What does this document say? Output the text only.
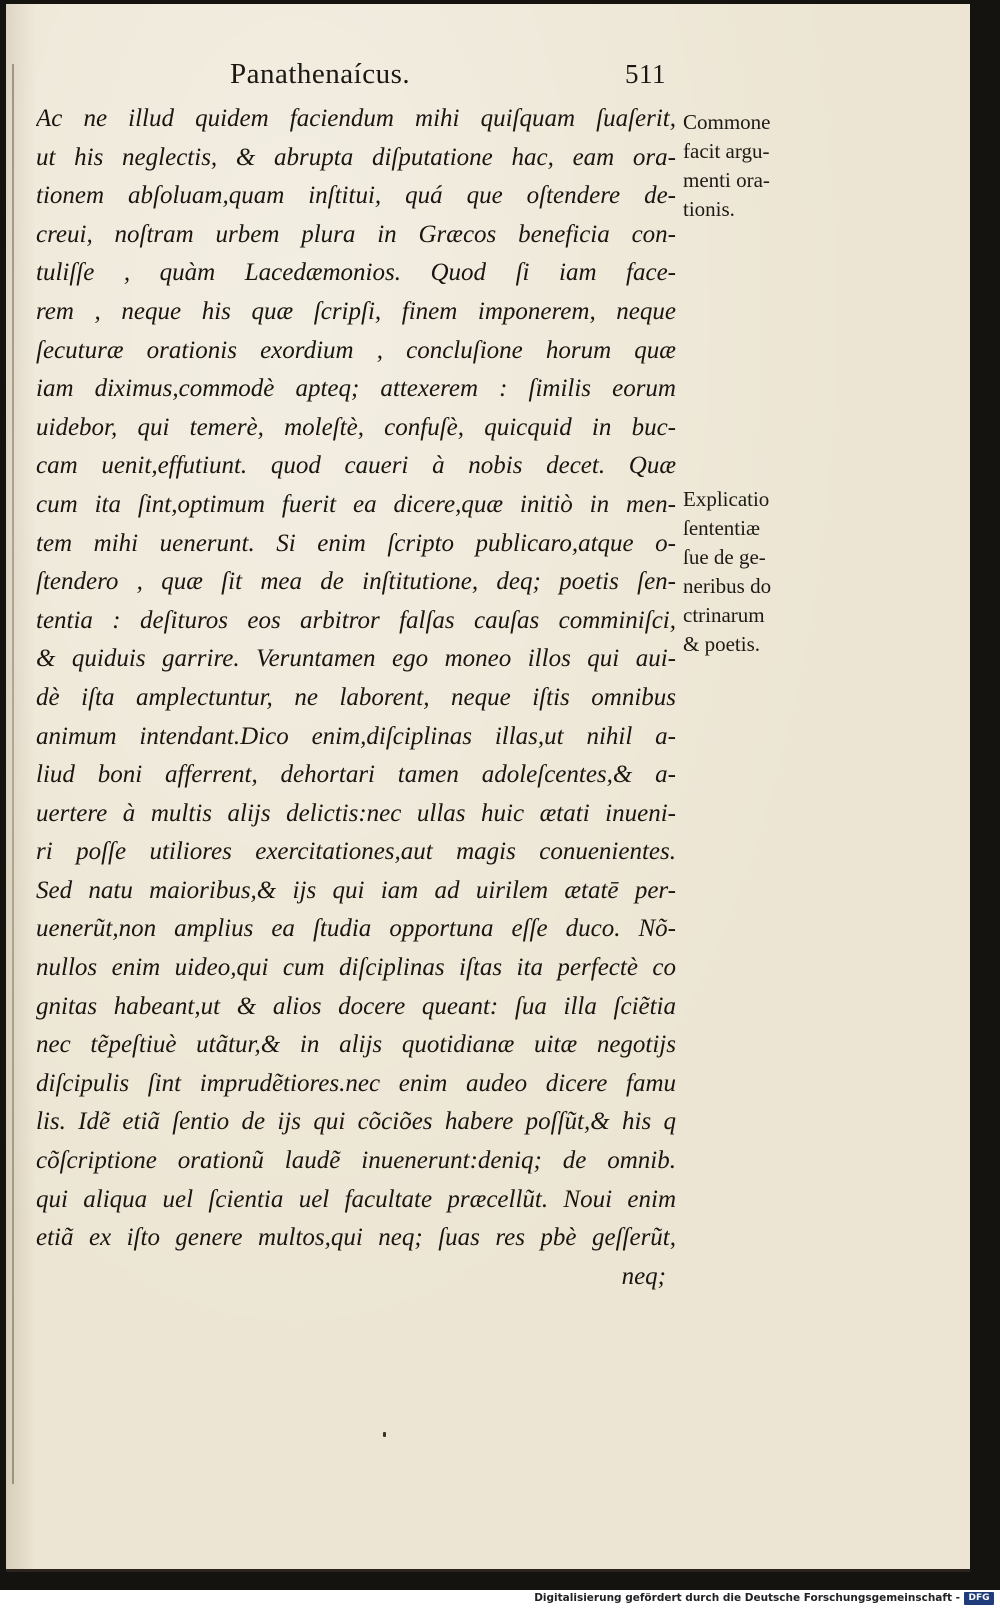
Panathenaícus.	511
Ac ne illud quidem faciendum mihi quiſquam ſuaſerit,
ut his neglectis, & abrupta diſputatione hac, eam ora-
tionem abſoluam,quam inſtitui, quá que oſtendere de-
creui, noſtram urbem plura in Græcos beneficia con-
tuliſſe , quàm Lacedæmonios. Quod ſi iam face-
rem , neque his quæ ſcripſi, finem imponerem, neque
ſecuturæ orationis exordium , concluſione horum quæ
iam diximus,commodè apteq; attexerem : ſimilis eorum
uidebor, qui temerè, moleſtè, confuſè, quicquid in buc-
cam uenit,effutiunt. quod caueri à nobis decet. Quæ
cum ita ſint,optimum fuerit ea dicere,quæ initiò in men-
tem mihi uenerunt. Si enim ſcripto publicaro,atque o-
ſtendero , quæ ſit mea de inſtitutione, deq; poetis ſen-
tentia : deſituros eos arbitror falſas cauſas comminiſci,
& quiduis garrire. Veruntamen ego moneo illos qui aui-
dè iſta amplectuntur, ne laborent, neque iſtis omnibus
animum intendant.Dico enim,diſciplinas illas,ut nihil a-
liud boni afferrent, dehortari tamen adoleſcentes,& a-
uertere à multis alijs delictis:nec ullas huic ætati inueni-
ri poſſe utiliores exercitationes,aut magis conuenientes.
Sed natu maioribus,& ijs qui iam ad uirilem ætatē per-
uenerũt,non amplius ea ſtudia opportuna eſſe duco. Nõ-
nullos enim uideo,qui cum diſciplinas iſtas ita perfectè co
gnitas habeant,ut & alios docere queant: ſua illa ſciẽtia
nec tẽpeſtiuè utãtur,& in alijs quotidianæ uitæ negotijs
diſcipulis ſint imprudẽtiores.nec enim audeo dicere famu
lis. Idẽ etiã ſentio de ijs qui cõciões habere poſſũt,& his q
cõſcriptione orationũ laudẽ inuenerunt:deniq; de omnib.
qui aliqua uel ſcientia uel facultate præcellũt. Noui enim
etiã ex iſto genere multos,qui neq; ſuas res pbè geſſerũt,
neq;
Commone
facit argu-
menti ora-
tionis.
Explicatio
ſententiæ
ſue de ge-
neribus do
ctrinarum
& poetis.
Digitalisierung gefördert durch die Deutsche Forschungsgemeinschaft - DFG
